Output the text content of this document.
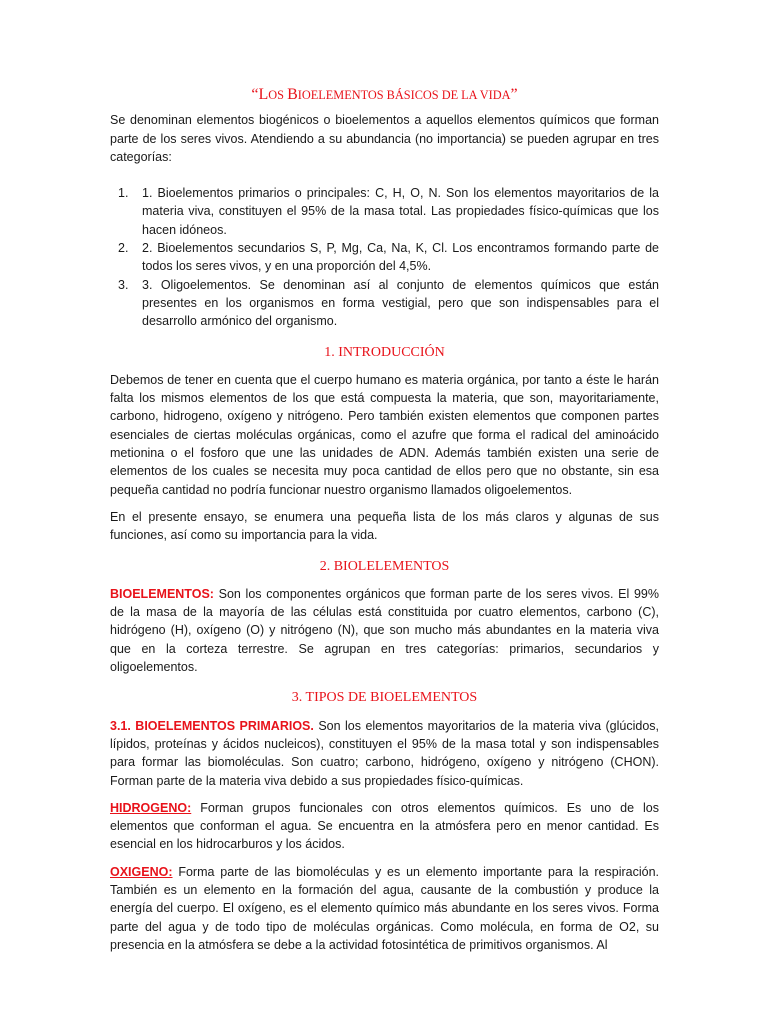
“LOS BIOELEMENTOS BÁSICOS DE LA VIDA”

Se denominan elementos biogénicos o bioelementos a aquellos elementos químicos que forman parte de los seres vivos. Atendiendo a su abundancia (no importancia) se pueden agrupar en tres categorías:

1. 1. Bioelementos primarios o principales: C, H, O, N. Son los elementos mayoritarios de la materia viva, constituyen el 95% de la masa total. Las propiedades físico-químicas que los hacen idóneos.
2. 2. Bioelementos secundarios S, P, Mg, Ca, Na, K, Cl. Los encontramos formando parte de todos los seres vivos, y en una proporción del 4,5%.
3. 3. Oligoelementos. Se denominan así al conjunto de elementos químicos que están presentes en los organismos en forma vestigial, pero que son indispensables para el desarrollo armónico del organismo.
1. INTRODUCCIÓN

Debemos de tener en cuenta que el cuerpo humano es materia orgánica, por tanto a éste le harán falta los mismos elementos de los que está compuesta la materia, que son, mayoritariamente, carbono, hidrogeno, oxígeno y nitrógeno. Pero también existen elementos que componen partes esenciales de ciertas moléculas orgánicas, como el azufre que forma el radical del aminoácido metionina o el fosforo que une las unidades de ADN. Además también existen una serie de elementos de los cuales se necesita muy poca cantidad de ellos pero que no obstante, sin esa pequeña cantidad no podría funcionar nuestro organismo llamados oligoelementos.

En el presente ensayo, se enumera una pequeña lista de los más claros y algunas de sus funciones, así como su importancia para la vida.

2. BIOLELEMENTOS

BIOELEMENTOS: Son los componentes orgánicos que forman parte de los seres vivos. El 99% de la masa de la mayoría de las células está constituida por cuatro elementos, carbono (C), hidrógeno (H), oxígeno (O) y nitrógeno (N), que son mucho más abundantes en la materia viva que en la corteza terrestre. Se agrupan en tres categorías: primarios, secundarios y oligoelementos.

3. TIPOS DE BIOELEMENTOS

3.1. BIOELEMENTOS PRIMARIOS. Son los elementos mayoritarios de la materia viva (glúcidos, lípidos, proteínas y ácidos nucleicos), constituyen el 95% de la masa total y son indispensables para formar las biomoléculas. Son cuatro; carbono, hidrógeno, oxígeno y nitrógeno (CHON). Forman parte de la materia viva debido a sus propiedades físico-químicas.

HIDROGENO: Forman grupos funcionales con otros elementos químicos. Es uno de los elementos que conforman el agua. Se encuentra en la atmósfera pero en menor cantidad. Es esencial en los hidrocarburos y los ácidos.

OXIGENO: Forma parte de las biomoléculas y es un elemento importante para la respiración. También es un elemento en la formación del agua, causante de la combustión y produce la energía del cuerpo. El oxígeno, es el elemento químico más abundante en los seres vivos. Forma parte del agua y de todo tipo de moléculas orgánicas. Como molécula, en forma de O2, su presencia en la atmósfera se debe a la actividad fotosintética de primitivos organismos. Al
